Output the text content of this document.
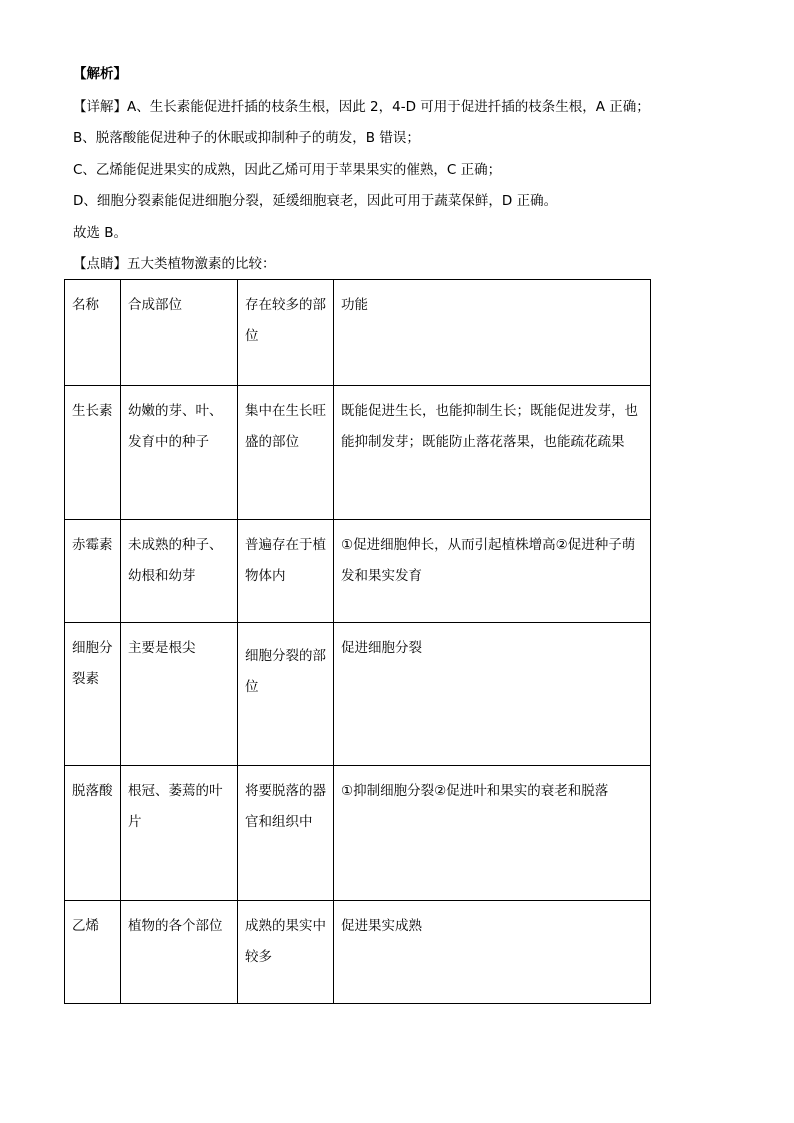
【解析】
【详解】A、生长素能促进扦插的枝条生根，因此 2，4-D 可用于促进扦插的枝条生根，A 正确；
B、脱落酸能促进种子的休眠或抑制种子的萌发，B 错误；
C、乙烯能促进果实的成熟，因此乙烯可用于苹果果实的催熟，C 正确；
D、细胞分裂素能促进细胞分裂，延缓细胞衰老，因此可用于蔬菜保鲜，D 正确。
故选 B。
【点睛】五大类植物激素的比较：
名称	合成部位	存在较多的部位	功能
生长素	幼嫩的芽、叶、发育中的种子	集中在生长旺盛的部位	既能促进生长，也能抑制生长；既能促进发芽，也能抑制发芽；既能防止落花落果，也能疏花疏果
赤霉素	未成熟的种子、幼根和幼芽	普遍存在于植物体内	①促进细胞伸长，从而引起植株增高②促进种子萌发和果实发育
细胞分裂素	主要是根尖	细胞分裂的部位	促进细胞分裂
脱落酸	根冠、萎蔫的叶片	将要脱落的器官和组织中	①抑制细胞分裂②促进叶和果实的衰老和脱落
乙烯	植物的各个部位	成熟的果实中较多	促进果实成熟
